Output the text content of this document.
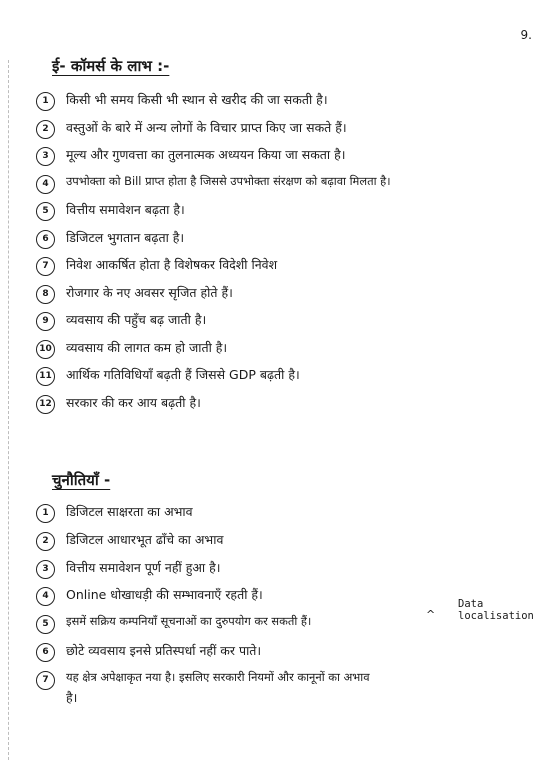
9.
ई- कॉमर्स के लाभ :-
1	किसी भी समय किसी भी स्थान से खरीद की जा सकती है।
2	वस्तुओं के बारे में अन्य लोगों के विचार प्राप्त किए जा सकते हैं।
3	मूल्य और गुणवत्ता का तुलनात्मक अध्ययन किया जा सकता है।
4	उपभोक्ता को Bill प्राप्त होता है जिससे उपभोक्ता संरक्षण को बढ़ावा मिलता है।
5	वित्तीय समावेशन बढ़ता है।
6	डिजिटल भुगतान बढ़ता है।
7	निवेश आकर्षित होता है विशेषकर विदेशी निवेश
8	रोजगार के नए अवसर सृजित होते हैं।
9	व्यवसाय की पहुँच बढ़ जाती है।
10 व्यवसाय की लागत कम हो जाती है।
11 आर्थिक गतिविधियाँ बढ़ती हैं जिससे GDP बढ़ती है।
12 सरकार की कर आय बढ़ती है।
चुनौतियाँ -
1	डिजिटल साक्षरता का अभाव
2	डिजिटल आधारभूत ढाँचे का अभाव
3	वित्तीय समावेशन पूर्ण नहीं हुआ है।
4	Online धोखाधड़ी की सम्भावनाएँ रहती हैं।
5	इसमें सक्रिय कम्पनियाँ सूचनाओं का दुरुपयोग कर सकती हैं।
6	छोटे व्यवसाय इनसे प्रतिस्पर्धा नहीं कर पाते।
7	यह क्षेत्र अपेक्षाकृत नया है। इसलिए सरकारी नियमों और कानूनों का अभाव
है।
^
Data
localisation
